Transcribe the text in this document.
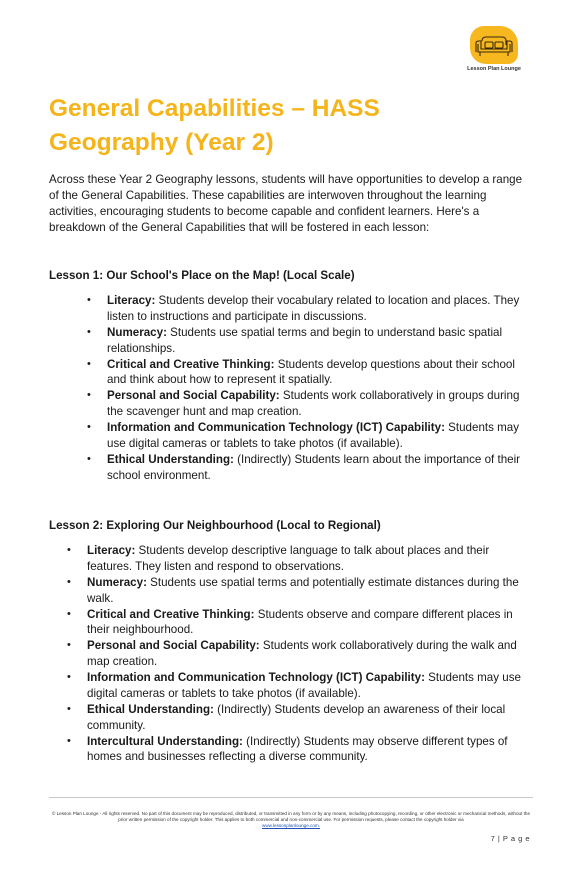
Lesson Plan Lounge
General Capabilities – HASS Geography (Year 2)

Across these Year 2 Geography lessons, students will have opportunities to develop a range of the General Capabilities. These capabilities are interwoven throughout the learning activities, encouraging students to become capable and confident learners. Here's a breakdown of the General Capabilities that will be fostered in each lesson:

Lesson 1: Our School's Place on the Map! (Local Scale)
• Literacy: Students develop their vocabulary related to location and places. They listen to instructions and participate in discussions.
• Numeracy: Students use spatial terms and begin to understand basic spatial relationships.
• Critical and Creative Thinking: Students develop questions about their school and think about how to represent it spatially.
• Personal and Social Capability: Students work collaboratively in groups during the scavenger hunt and map creation.
• Information and Communication Technology (ICT) Capability: Students may use digital cameras or tablets to take photos (if available).
• Ethical Understanding: (Indirectly) Students learn about the importance of their school environment.
Lesson 2: Exploring Our Neighbourhood (Local to Regional)
• Literacy: Students develop descriptive language to talk about places and their features. They listen and respond to observations.
• Numeracy: Students use spatial terms and potentially estimate distances during the walk.
• Critical and Creative Thinking: Students observe and compare different places in their neighbourhood.
• Personal and Social Capability: Students work collaboratively during the walk and map creation.
• Information and Communication Technology (ICT) Capability: Students may use digital cameras or tablets to take photos (if available).
• Ethical Understanding: (Indirectly) Students develop an awareness of their local community.
• Intercultural Understanding: (Indirectly) Students may observe different types of homes and businesses reflecting a diverse community.

© Lesson Plan Lounge - All rights reserved. No part of this document may be reproduced, distributed, or transmitted in any form or by any means, including photocopying, recording, or other electronic or mechanical methods, without the prior written permission of the copyright holder. This applies to both commercial and non-commercial use. For permission requests, please contact the copyright holder via
www.lessonplanlounge.com.

7 | P a g e
